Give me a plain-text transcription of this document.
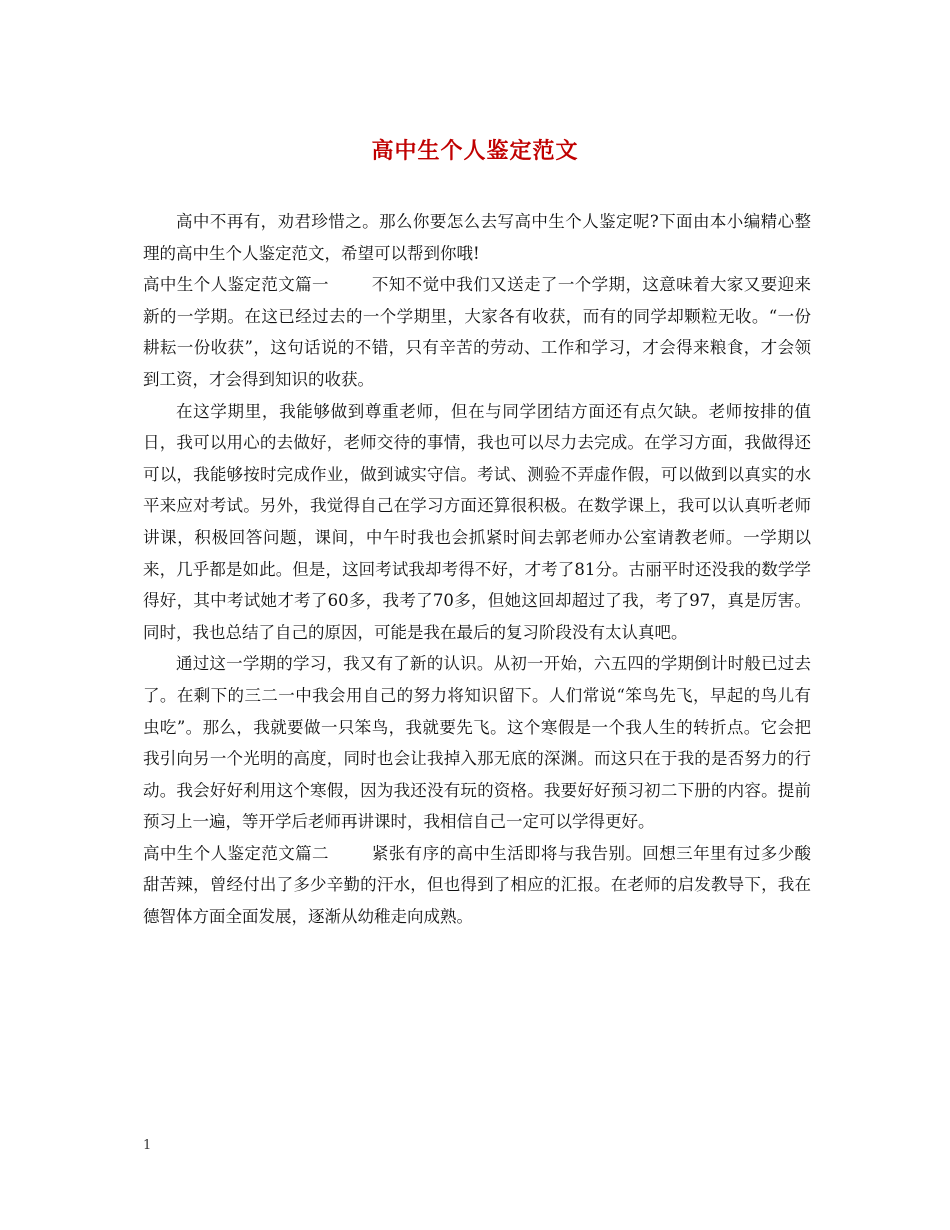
高中生个人鉴定范文

高中不再有，劝君珍惜之。那么你要怎么去写高中生个人鉴定呢?下面由本小编精心整理的高中生个人鉴定范文，希望可以帮到你哦!

高中生个人鉴定范文篇一	不知不觉中我们又送走了一个学期，这意味着大家又要迎来新的一学期。在这已经过去的一个学期里，大家各有收获，而有的同学却颗粒无收。“一份耕耘一份收获”，这句话说的不错，只有辛苦的劳动、工作和学习，才会得来粮食，才会领到工资，才会得到知识的收获。

在这学期里，我能够做到尊重老师，但在与同学团结方面还有点欠缺。老师按排的值日，我可以用心的去做好，老师交待的事情，我也可以尽力去完成。在学习方面，我做得还可以，我能够按时完成作业，做到诚实守信。考试、测验不弄虚作假，可以做到以真实的水平来应对考试。另外，我觉得自己在学习方面还算很积极。在数学课上，我可以认真听老师讲课，积极回答问题，课间，中午时我也会抓紧时间去郭老师办公室请教老师。一学期以来，几乎都是如此。但是，这回考试我却考得不好，才考了81分。古丽平时还没我的数学学得好，其中考试她才考了60多，我考了70多，但她这回却超过了我，考了97，真是厉害。同时，我也总结了自己的原因，可能是我在最后的复习阶段没有太认真吧。

通过这一学期的学习，我又有了新的认识。从初一开始，六五四的学期倒计时般已过去了。在剩下的三二一中我会用自己的努力将知识留下。人们常说“笨鸟先飞，早起的鸟儿有虫吃”。那么，我就要做一只笨鸟，我就要先飞。这个寒假是一个我人生的转折点。它会把我引向另一个光明的高度，同时也会让我掉入那无底的深渊。而这只在于我的是否努力的行动。我会好好利用这个寒假，因为我还没有玩的资格。我要好好预习初二下册的内容。提前预习上一遍，等开学后老师再讲课时，我相信自己一定可以学得更好。

高中生个人鉴定范文篇二	紧张有序的高中生活即将与我告别。回想三年里有过多少酸甜苦辣，曾经付出了多少辛勤的汗水，但也得到了相应的汇报。在老师的启发教导下，我在德智体方面全面发展，逐渐从幼稚走向成熟。

1
